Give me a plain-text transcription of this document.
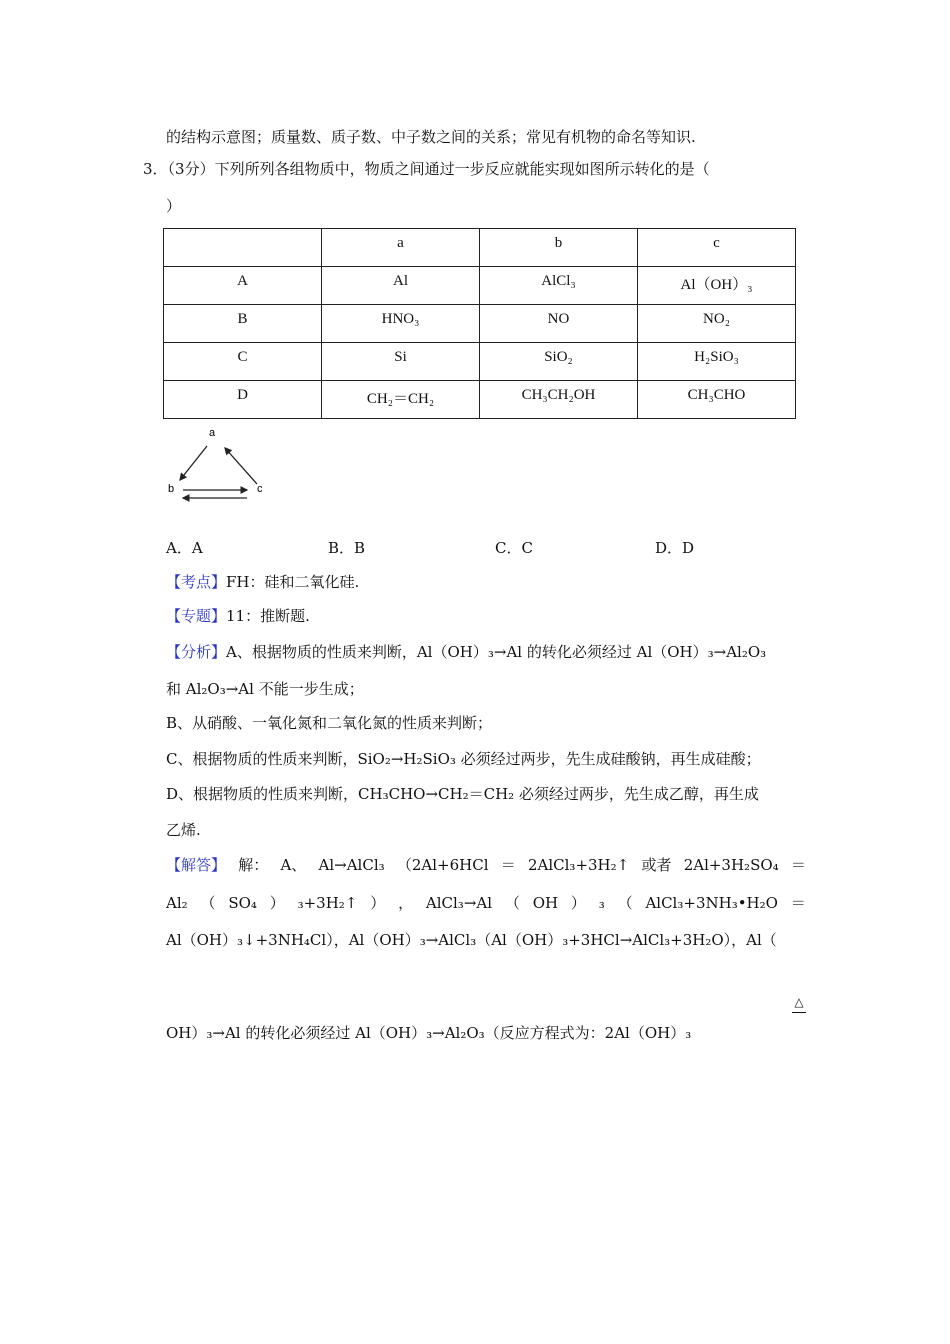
的结构示意图；质量数、质子数、中子数之间的关系；常见有机物的命名等知识.
3．（3分）下列所列各组物质中，物质之间通过一步反应就能实现如图所示转化的是（
）
	a	b	c
A	Al	AlCl₃	Al（OH）₃
B	HNO₃	NO	NO₂
C	Si	SiO₂	H₂SiO₃
D	CH₂＝CH₂	CH₃CH₂OH	CH₃CHO
a
b	c
A．A	B．B	C．C	D．D
【考点】FH：硅和二氧化硅.
【专题】11：推断题.
【分析】A、根据物质的性质来判断，Al（OH）₃→Al 的转化必须经过 Al（OH）₃→Al₂O₃
和 Al₂O₃→Al 不能一步生成；
B、从硝酸、一氧化氮和二氧化氮的性质来判断；
C、根据物质的性质来判断，SiO₂→H₂SiO₃ 必须经过两步，先生成硅酸钠，再生成硅酸；
D、根据物质的性质来判断，CH₃CHO→CH₂＝CH₂ 必须经过两步，先生成乙醇，再生成
乙烯.
【解答】 解： A、 Al→AlCl₃ （2Al+6HCl ＝ 2AlCl₃+3H₂↑ 或者 2Al+3H₂SO₄ ＝
Al₂ （ SO₄ ） ₃+3H₂↑ ） ， AlCl₃→Al （ OH ） ₃ （ AlCl₃+3NH₃•H₂O ＝
Al（OH）₃↓+3NH₄Cl），Al（OH）₃→AlCl₃（Al（OH）₃+3HCl→AlCl₃+3H₂O），Al（
△
OH）₃→Al 的转化必须经过 Al（OH）₃→Al₂O₃（反应方程式为：2Al（OH）₃
